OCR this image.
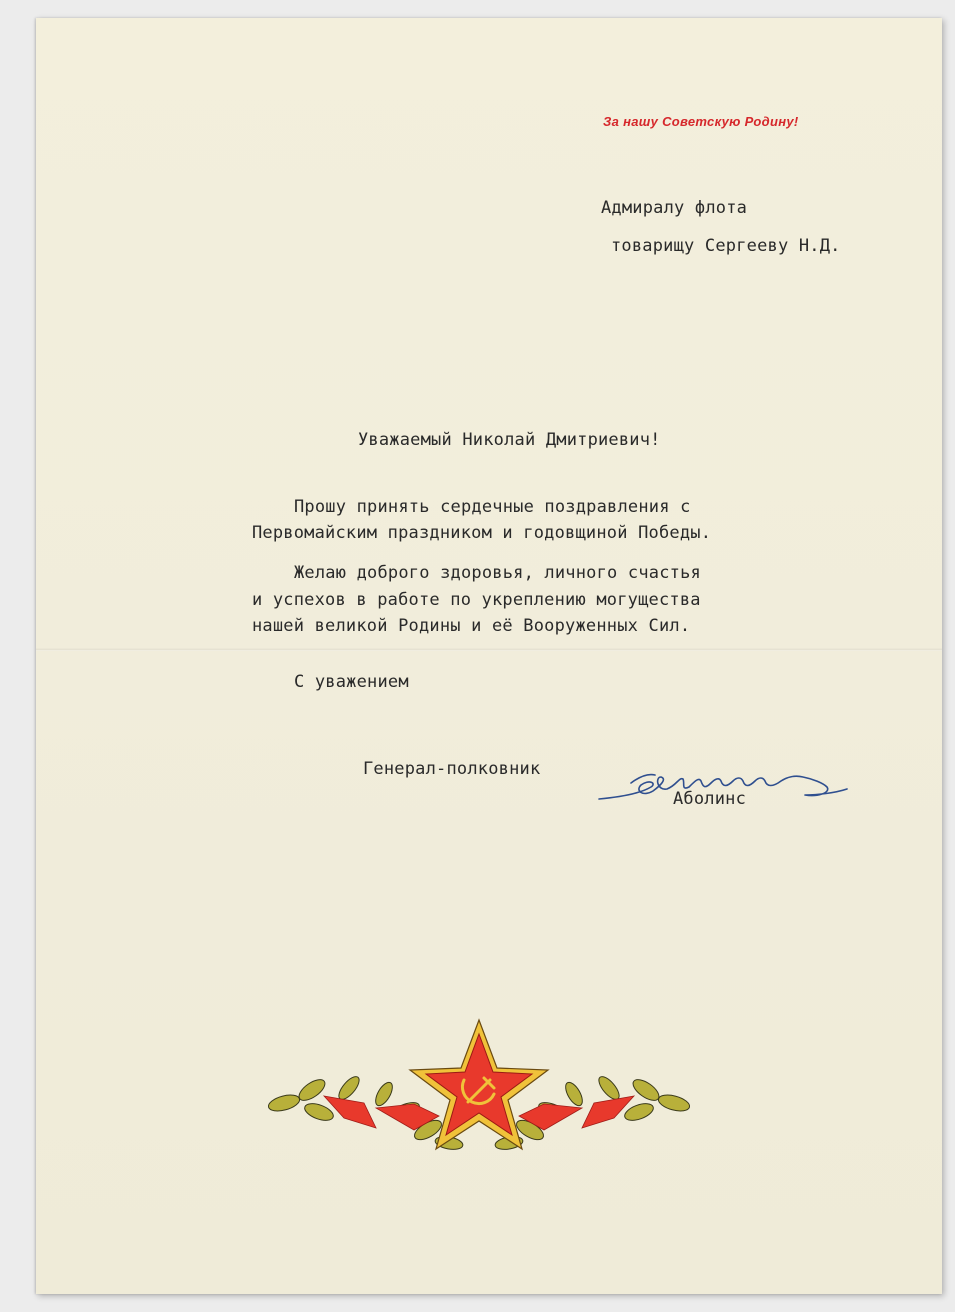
За нашу Советскую Родину!
Адмиралу флота
товарищу Сергееву Н.Д.
Уважаемый Николай Дмитриевич!
Прошу принять сердечные поздравления с
Первомайским праздником и годовщиной Победы.
Желаю доброго здоровья, личного счастья
и успехов в работе по укреплению могущества
нашей великой Родины и её Вооруженных Сил.
С уважением
Генерал-полковник
Аболинс
